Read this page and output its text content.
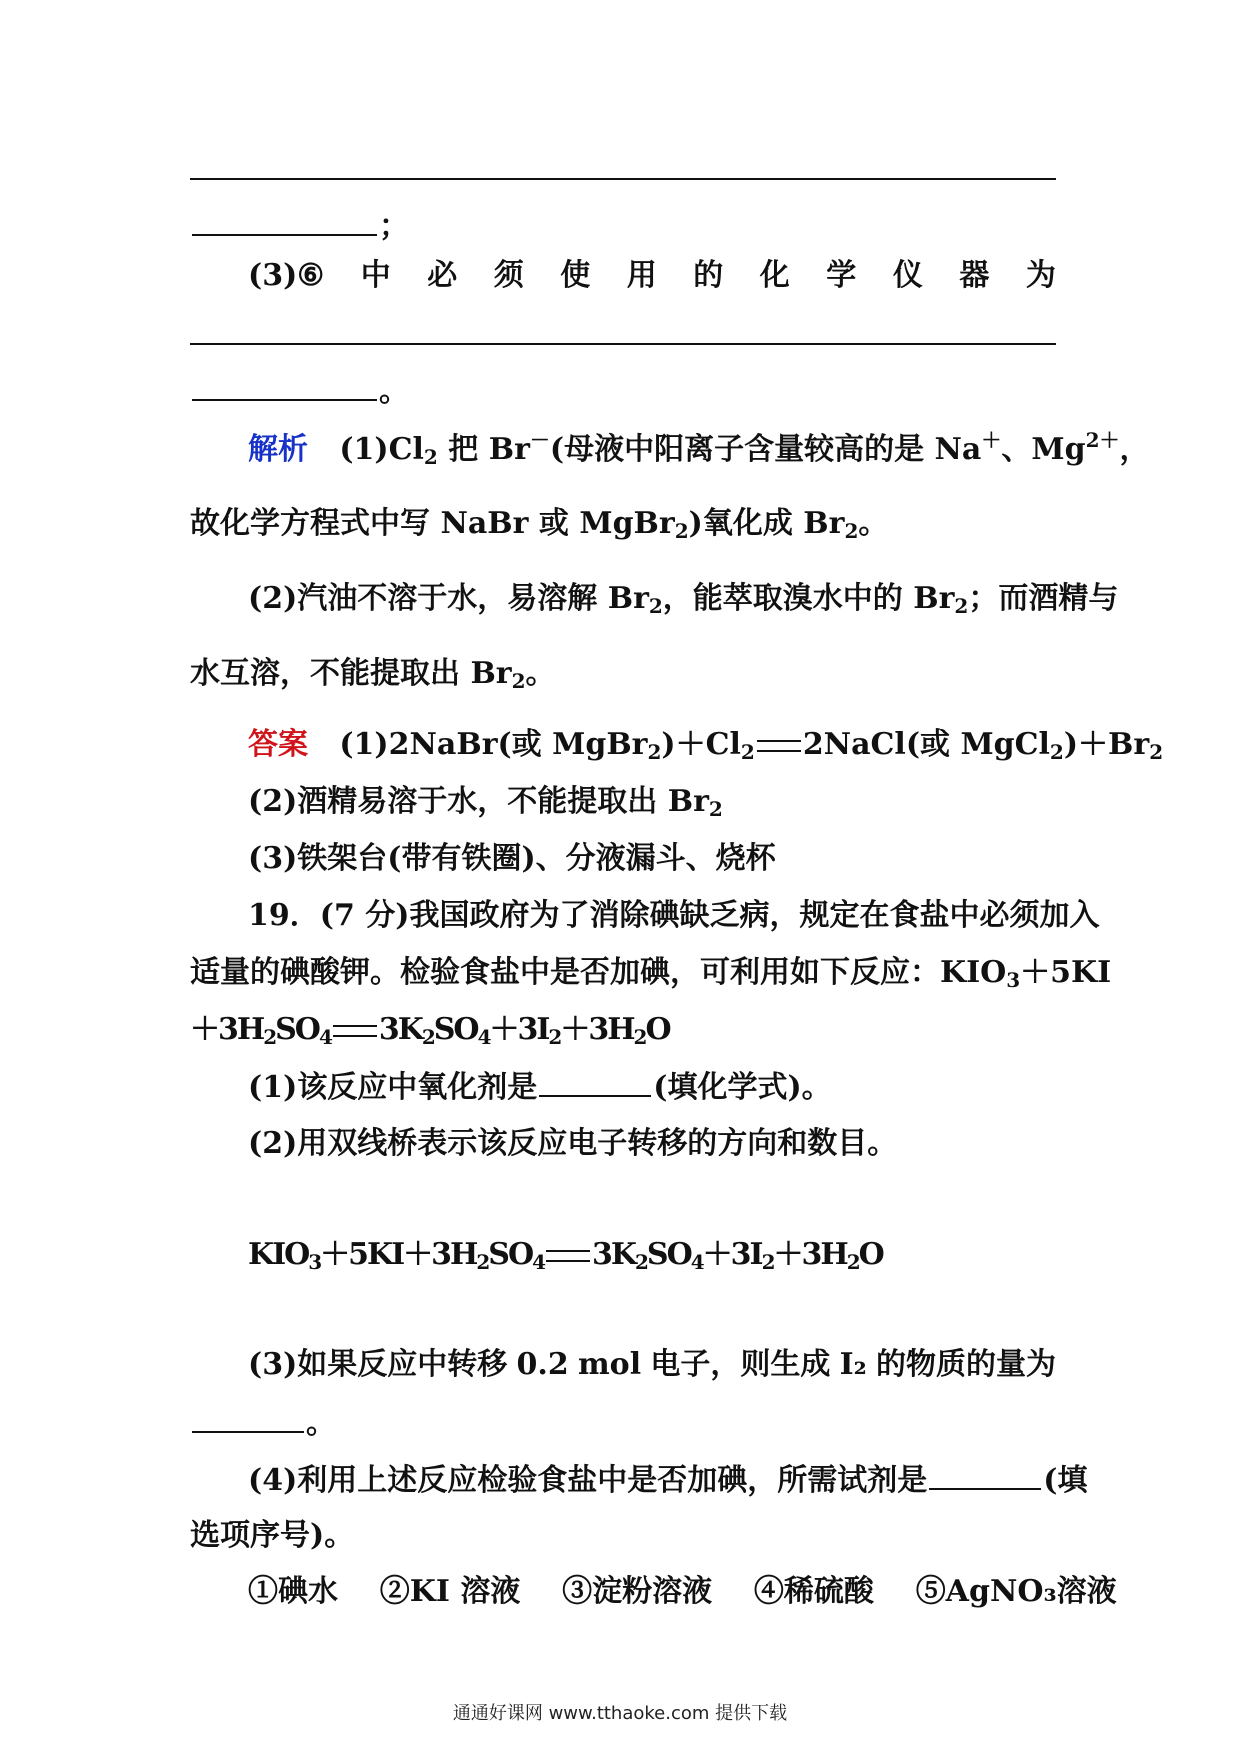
；
(3)⑥ 中 必 须 使 用 的 化 学 仪 器 为
。
解析 $(1)Cl_2$ 把 Br－(母液中阳离子含量较高的是 Na＋、$Mg^{2+}$，
故化学方程式中写 NaBr 或 MgBr$_2$)氧化成 $Br_2$。
(2)汽油不溶于水，易溶解 $Br_2$，能萃取溴水中的 $Br_2$；而酒精与
水互溶，不能提取出 $Br_2$。
答案 (1)2NaBr(或 $MgBr_2)+Cl_2$ 2NaCl(或 $MgCl_2)+Br_2$
(2)酒精易溶于水，不能提取出 $Br_2$
(3)铁架台(带有铁圈)、分液漏斗、烧杯
19．(7 分)我国政府为了消除碘缺乏病，规定在食盐中必须加入
适量的碘酸钾。检验食盐中是否加碘，可利用如下反应：$KIO_3+5KI$
$+3H_2SO_4$ $3K_2SO_4+3I_2+3H_2O$
(1)该反应中氧化剂是	(填化学式)。
(2)用双线桥表示该反应电子转移的方向和数目。
$KIO_3+5KI+3H_2SO_4$ $3K_2SO_4+3I_2+3H_2O$
(3)如果反应中转移 0.2 mol 电子，则生成 I₂ 的物质的量为
。
(4)利用上述反应检验食盐中是否加碘，所需试剂是	(填
选项序号)。
①碘水 ②KI 溶液 ③淀粉溶液 ④稀硫酸 ⑤AgNO₃溶液
通通好课网 www.tthaoke.com 提供下载
